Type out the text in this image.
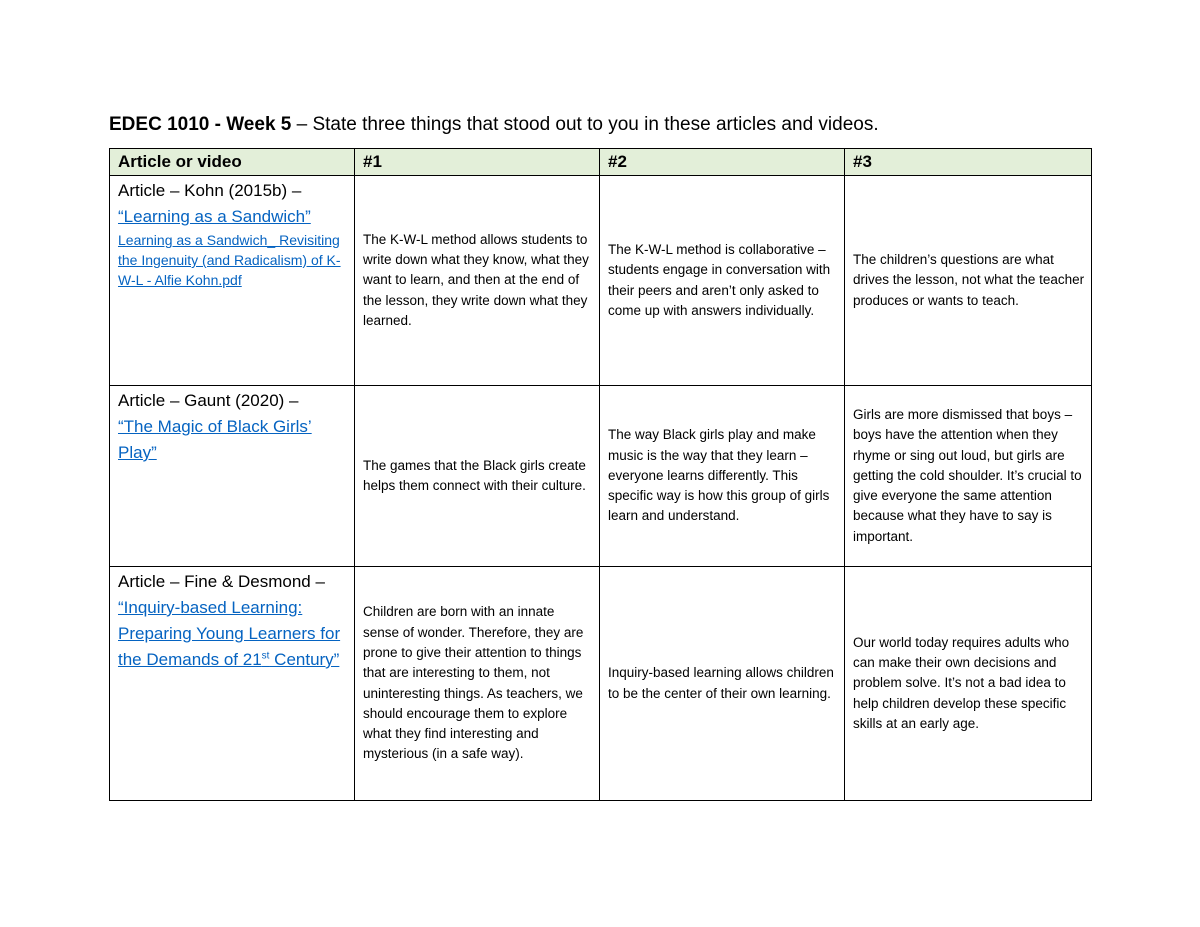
EDEC 1010 - Week 5 – State three things that stood out to you in these articles and videos.
Article or video	#1	#2	#3

Article – Kohn (2015b) –
“Learning as a Sandwich”
Learning as a Sandwich_ Revisiting the Ingenuity (and Radicalism) of K-W-L - Alfie Kohn.pdf	The K-W-L method allows students to write down what they know, what they want to learn, and then at the end of the lesson, they write down what they learned.	The K-W-L method is collaborative – students engage in conversation with their peers and aren’t only asked to come up with answers individually.	The children’s questions are what drives the lesson, not what the teacher produces or wants to teach.

Article – Gaunt (2020) –
“The Magic of Black Girls’ Play”	The games that the Black girls create helps them connect with their culture.	The way Black girls play and make music is the way that they learn – everyone learns differently. This specific way is how this group of girls learn and understand.	Girls are more dismissed that boys – boys have the attention when they rhyme or sing out loud, but girls are getting the cold shoulder. It’s crucial to give everyone the same attention because what they have to say is important.

Article – Fine & Desmond – “Inquiry-based Learning: Preparing Young Learners for the Demands of 21st Century”	Children are born with an innate sense of wonder. Therefore, they are prone to give their attention to things that are interesting to them, not uninteresting things. As teachers, we should encourage them to explore what they find interesting and mysterious (in a safe way).	Inquiry-based learning allows children to be the center of their own learning.	Our world today requires adults who can make their own decisions and problem solve. It’s not a bad idea to help children develop these specific skills at an early age.
